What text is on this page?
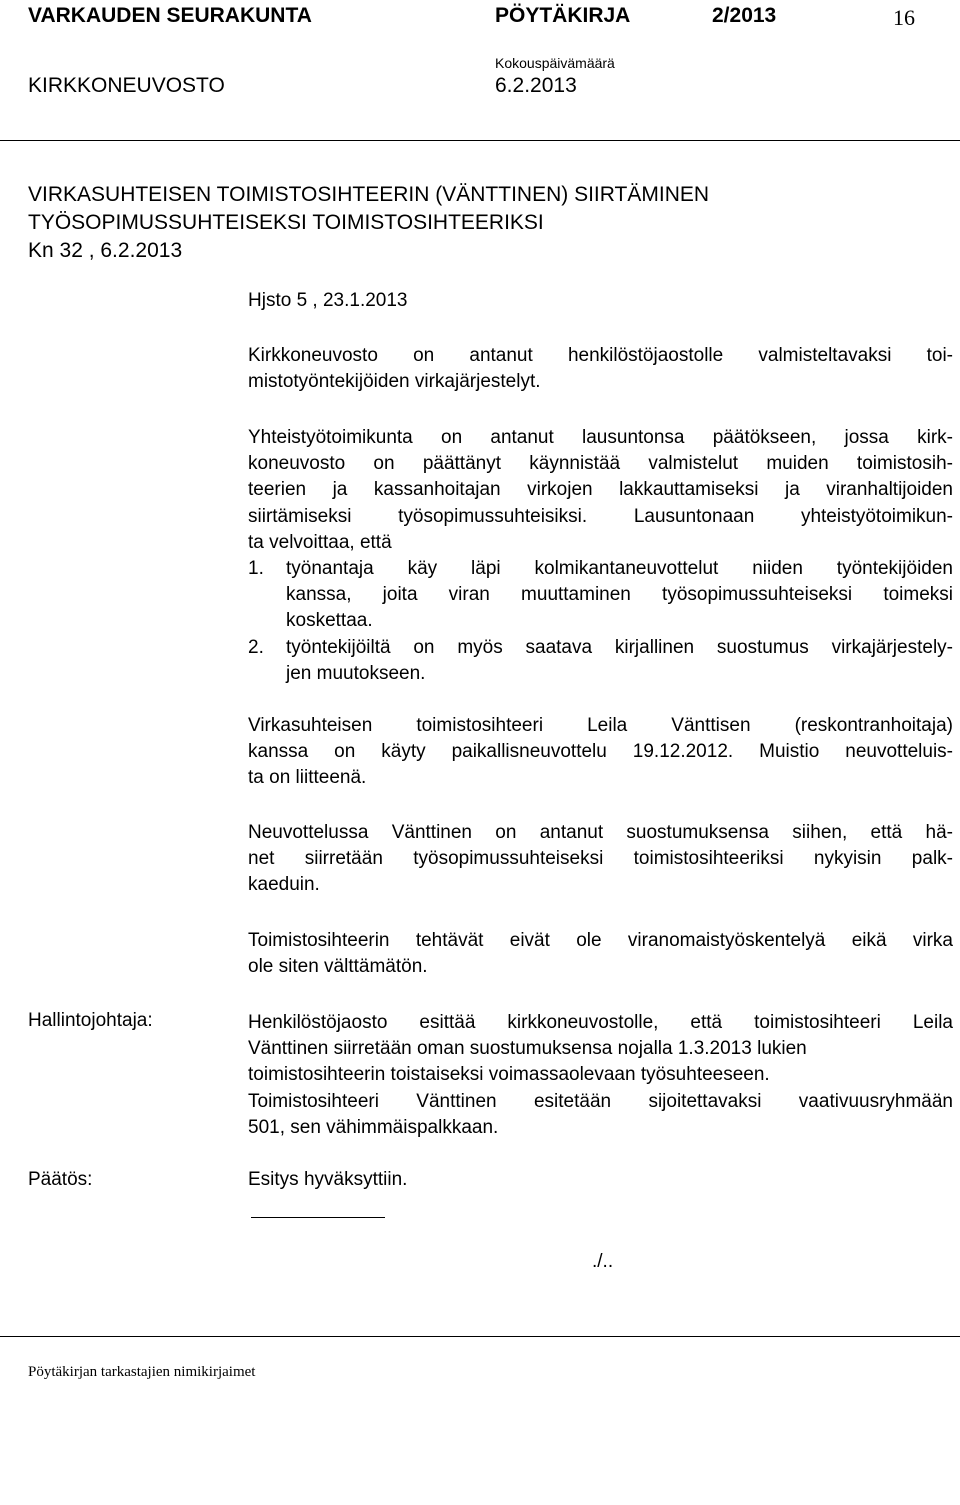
VARKAUDEN SEURAKUNTA	PÖYTÄKIRJA	2/2013	16
Kokouspäivämäärä
KIRKKONEUVOSTO	6.2.2013
VIRKASUHTEISEN TOIMISTOSIHTEERIN (VÄNTTINEN) SIIRTÄMINEN
TYÖSOPIMUSSUHTEISEKSI TOIMISTOSIHTEERIKSI
Kn 32 , 6.2.2013
Hjsto 5 , 23.1.2013
Kirkkoneuvosto on antanut henkilöstöjaostolle valmisteltavaksi toi-
mistotyöntekijöiden virkajärjestelyt.
Yhteistyötoimikunta on antanut lausuntonsa päätökseen, jossa kirk-
koneuvosto on päättänyt käynnistää valmistelut muiden toimistosih-
teerien ja kassanhoitajan virkojen lakkauttamiseksi ja viranhaltijoiden
siirtämiseksi työsopimussuhteisiksi. Lausuntonaan yhteistyötoimikun-
ta velvoittaa, että
1.	työnantaja käy läpi kolmikantaneuvottelut niiden työntekijöiden
kanssa, joita viran muuttaminen työsopimussuhteiseksi toimeksi
koskettaa.
2.	työntekijöiltä on myös saatava kirjallinen suostumus virkajärjestely-
jen muutokseen.
Virkasuhteisen toimistosihteeri Leila Vänttisen (reskontranhoitaja)
kanssa on käyty paikallisneuvottelu 19.12.2012. Muistio neuvotteluis-
ta on liitteenä.
Neuvottelussa Vänttinen on antanut suostumuksensa siihen, että hä-
net siirretään työsopimussuhteiseksi toimistosihteeriksi nykyisin palk-
kaeduin.
Toimistosihteerin tehtävät eivät ole viranomaistyöskentelyä eikä virka
ole siten välttämätön.
Hallintojohtaja:	Henkilöstöjaosto esittää kirkkoneuvostolle, että toimistosihteeri Leila
Vänttinen siirretään oman suostumuksensa nojalla 1.3.2013 lukien
toimistosihteerin toistaiseksi voimassaolevaan työsuhteeseen.
Toimistosihteeri Vänttinen esitetään sijoitettavaksi vaativuusryhmään
501, sen vähimmäispalkkaan.
Päätös:	Esitys hyväksyttiin.
./..
Pöytäkirjan tarkastajien nimikirjaimet
